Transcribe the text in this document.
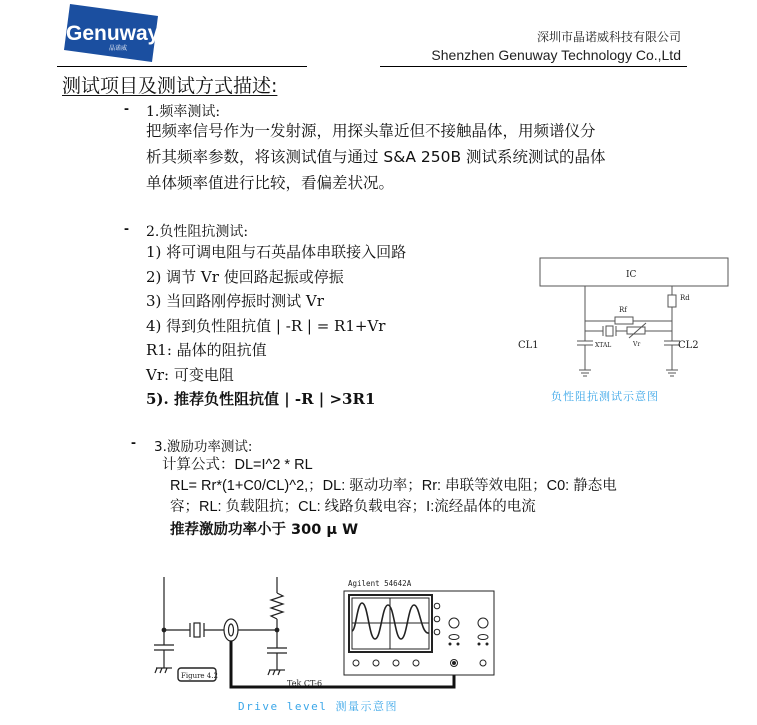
Genuway
晶诺威
深圳市晶诺威科技有限公司
Shenzhen Genuway Technology Co.,Ltd
测试项目及测试方式描述:
- 1.频率测试:
把频率信号作为一发射源，用探头靠近但不接触晶体，用频谱仪分
析其频率参数，将该测试值与通过 S&A 250B 测试系统测试的晶体
单体频率值进行比较，看偏差状况。
- 2.负性阻抗测试:
1) 将可调电阻与石英晶体串联接入回路
2) 调节 Vr 使回路起振或停振
3) 当回路刚停振时测试 Vr
4) 得到负性阻抗值 | -R | = R1+Vr
R1: 晶体的阻抗值
Vr: 可变电阻
5). 推荐负性阻抗值 | -R | >3R1
IC
Rd
Rf
XTAL	Vr
CL1	CL2
负性阻抗测试示意图
- 3.激励功率测试:
计算公式：DL=I^2 * RL
RL= Rr*(1+C0/CL)^2,；DL: 驱动功率；Rr: 串联等效电阻；C0: 静态电
容；RL: 负载阻抗；CL: 线路负载电容；I:流经晶体的电流
推荐激励功率小于 300 μ W
Figure 4.2
Tek CT-6
Agilent 54642A
Drive level 测量示意图
